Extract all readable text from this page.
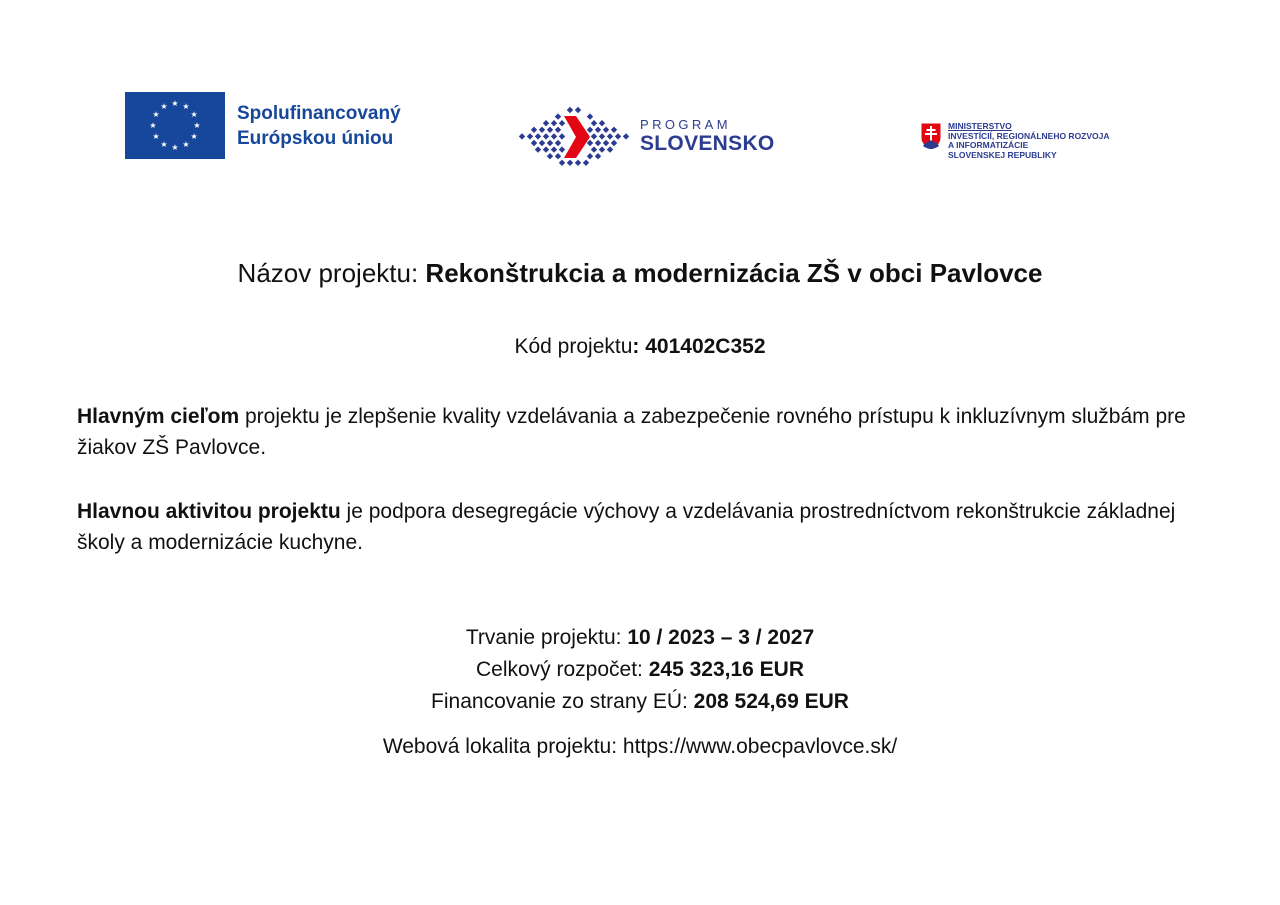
★ ★
★
★
★
★
★
★
★
★
★
★	Spolufinancovaný
Európskou úniou
PROGRAM
SLOVENSKO
MINISTERSTVO
INVESTÍCIÍ, REGIONÁLNEHO ROZVOJA
A INFORMATIZÁCIE
SLOVENSKEJ REPUBLIKY
Názov projektu: Rekonštrukcia a modernizácia ZŠ v obci Pavlovce
Kód projektu: 401402C352
Hlavným cieľom projektu je zlepšenie kvality vzdelávania a zabezpečenie rovného prístupu k inkluzívnym službám pre žiakov ZŠ Pavlovce.
Hlavnou aktivitou projektu je podpora desegregácie výchovy a vzdelávania prostredníctvom rekonštrukcie základnej školy a modernizácie kuchyne.
Trvanie projektu: 10 / 2023 – 3 / 2027
Celkový rozpočet: 245 323,16 EUR
Financovanie zo strany EÚ: 208 524,69 EUR
Webová lokalita projektu: https://www.obecpavlovce.sk/
